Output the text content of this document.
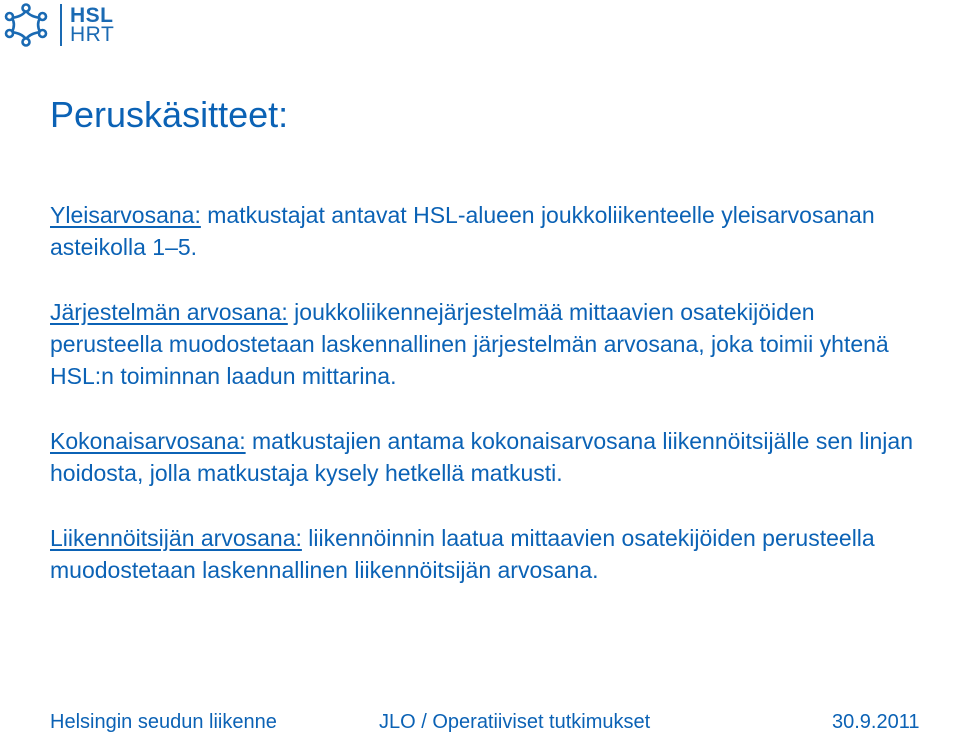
HSL
HRT
Peruskäsitteet:

Yleisarvosana: matkustajat antavat HSL-alueen joukkoliikenteelle yleisarvosanan asteikolla 1–5.

Järjestelmän arvosana: joukkoliikennejärjestelmää mittaavien osatekijöiden perusteella muodostetaan laskennallinen järjestelmän arvosana, joka toimii yhtenä HSL:n toiminnan laadun mittarina.

Kokonaisarvosana: matkustajien antama kokonaisarvosana liikennöitsijälle sen linjan hoidosta, jolla matkustaja kysely hetkellä matkusti.

Liikennöitsijän arvosana: liikennöinnin laatua mittaavien osatekijöiden perusteella muodostetaan laskennallinen liikennöitsijän arvosana.

Helsingin seudun liikenne	JLO / Operatiiviset tutkimukset	30.9.2011
